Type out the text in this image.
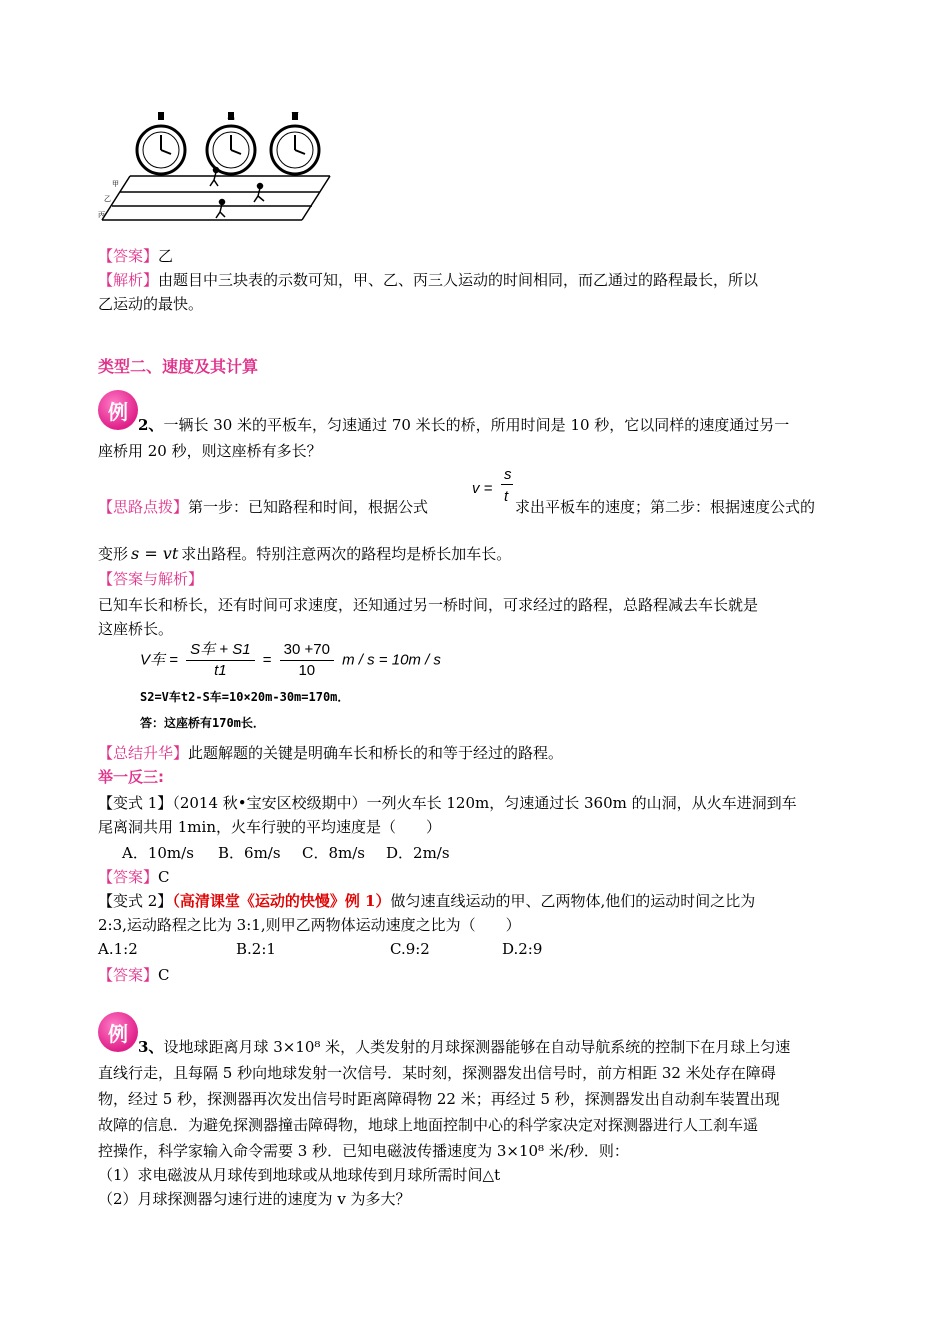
甲	乙	丙
甲
乙
丙
【答案】乙
【解析】由题目中三块表的示数可知，甲、乙、丙三人运动的时间相同，而乙通过的路程最长，所以
乙运动的最快。
类型二、速度及其计算
例
2、一辆长 30 米的平板车，匀速通过 70 米长的桥，所用时间是 10 秒，它以同样的速度通过另一
座桥用 20 秒，则这座桥有多长？
v =
s
t
【思路点拨】第一步：已知路程和时间，根据公式	求出平板车的速度；第二步：根据速度公式的
变形 s = vt 求出路程。特别注意两次的路程均是桥长加车长。
【答案与解析】
已知车长和桥长，还有时间可求速度，还知通过另一桥时间，可求经过的路程，总路程减去车长就是
这座桥长。
V车 = $\frac{\text{S车 + S1}}{t1} = \frac{30 +70}{10}$ m / s = 10m / s
S2=V车t2-S车=10×20m-30m=170m．
答：这座桥有170m长．
【总结升华】此题解题的关键是明确车长和桥长的和等于经过的路程。
举一反三:
【变式 1】（2014 秋•宝安区校级期中）一列火车长 120m，匀速通过长 360m 的山洞，从火车进洞到车
尾离洞共用 1min，火车行驶的平均速度是（　　）
A．10m/s B．6m/s C．8m/s D．2m/s
【答案】C
【变式 2】（高清课堂《运动的快慢》例 1）做匀速直线运动的甲、乙两物体,他们的运动时间之比为
2:3,运动路程之比为 3:1,则甲乙两物体运动速度之比为（　　）
A.1:2	B.2:1	C.9:2	D.2:9
【答案】C
例
3、设地球距离月球 3×10⁸ 米，人类发射的月球探测器能够在自动导航系统的控制下在月球上匀速
直线行走，且每隔 5 秒向地球发射一次信号．某时刻，探测器发出信号时，前方相距 32 米处存在障碍
物，经过 5 秒，探测器再次发出信号时距离障碍物 22 米；再经过 5 秒，探测器发出自动刹车装置出现
故障的信息．为避免探测器撞击障碍物，地球上地面控制中心的科学家决定对探测器进行人工刹车遥
控操作，科学家输入命令需要 3 秒．已知电磁波传播速度为 3×10⁸ 米/秒．则：
（1）求电磁波从月球传到地球或从地球传到月球所需时间△t
（2）月球探测器匀速行进的速度为 v 为多大？
